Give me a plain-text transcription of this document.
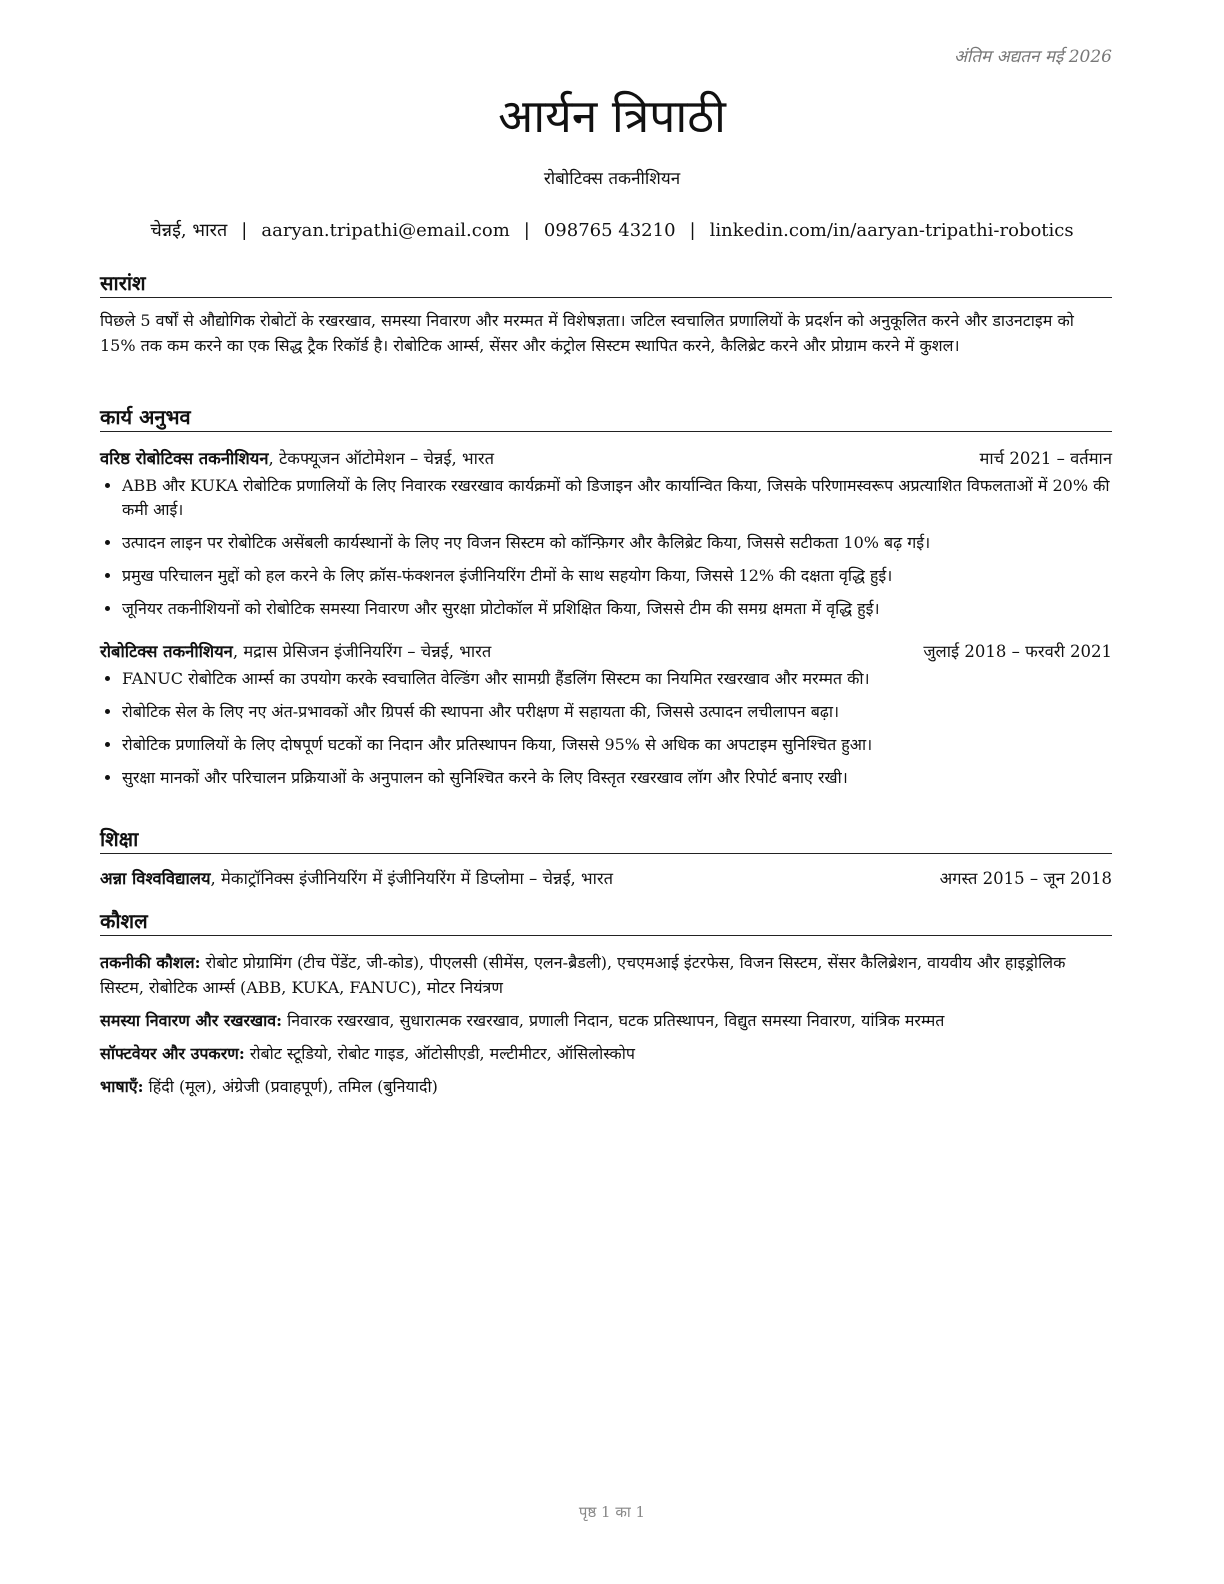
अंतिम अद्यतन मई 2026
आर्यन त्रिपाठी
रोबोटिक्स तकनीशियन
चेन्नई, भारत | aaryan.tripathi@email.com | 098765 43210 | linkedin.com/in/aaryan-tripathi-robotics
सारांश

पिछले 5 वर्षों से औद्योगिक रोबोटों के रखरखाव, समस्या निवारण और मरम्मत में विशेषज्ञता। जटिल स्वचालित प्रणालियों के प्रदर्शन को अनुकूलित करने और डाउनटाइम को 15% तक कम करने का एक सिद्ध ट्रैक रिकॉर्ड है। रोबोटिक आर्म्स, सेंसर और कंट्रोल सिस्टम स्थापित करने, कैलिब्रेट करने और प्रोग्राम करने में कुशल।

कार्य अनुभव
वरिष्ठ रोबोटिक्स तकनीशियन, टेकफ्यूजन ऑटोमेशन – चेन्नई, भारत	मार्च 2021 – वर्तमान
• ABB और KUKA रोबोटिक प्रणालियों के लिए निवारक रखरखाव कार्यक्रमों को डिजाइन और कार्यान्वित किया, जिसके परिणामस्वरूप अप्रत्याशित विफलताओं में 20% की कमी आई।
• उत्पादन लाइन पर रोबोटिक असेंबली कार्यस्थानों के लिए नए विजन सिस्टम को कॉन्फ़िगर और कैलिब्रेट किया, जिससे सटीकता 10% बढ़ गई।
• प्रमुख परिचालन मुद्दों को हल करने के लिए क्रॉस-फंक्शनल इंजीनियरिंग टीमों के साथ सहयोग किया, जिससे 12% की दक्षता वृद्धि हुई।
• जूनियर तकनीशियनों को रोबोटिक समस्या निवारण और सुरक्षा प्रोटोकॉल में प्रशिक्षित किया, जिससे टीम की समग्र क्षमता में वृद्धि हुई।
रोबोटिक्स तकनीशियन, मद्रास प्रेसिजन इंजीनियरिंग – चेन्नई, भारत	जुलाई 2018 – फरवरी 2021
• FANUC रोबोटिक आर्म्स का उपयोग करके स्वचालित वेल्डिंग और सामग्री हैंडलिंग सिस्टम का नियमित रखरखाव और मरम्मत की।
• रोबोटिक सेल के लिए नए अंत-प्रभावकों और ग्रिपर्स की स्थापना और परीक्षण में सहायता की, जिससे उत्पादन लचीलापन बढ़ा।
• रोबोटिक प्रणालियों के लिए दोषपूर्ण घटकों का निदान और प्रतिस्थापन किया, जिससे 95% से अधिक का अपटाइम सुनिश्चित हुआ।
• सुरक्षा मानकों और परिचालन प्रक्रियाओं के अनुपालन को सुनिश्चित करने के लिए विस्तृत रखरखाव लॉग और रिपोर्ट बनाए रखी।
शिक्षा
अन्ना विश्वविद्यालय, मेकाट्रॉनिक्स इंजीनियरिंग में इंजीनियरिंग में डिप्लोमा – चेन्नई, भारत	अगस्त 2015 – जून 2018
कौशल

तकनीकी कौशल: रोबोट प्रोग्रामिंग (टीच पेंडेंट, जी-कोड), पीएलसी (सीमेंस, एलन-ब्रैडली), एचएमआई इंटरफेस, विजन सिस्टम, सेंसर कैलिब्रेशन, वायवीय और हाइड्रोलिक सिस्टम, रोबोटिक आर्म्स (ABB, KUKA, FANUC), मोटर नियंत्रण

समस्या निवारण और रखरखाव: निवारक रखरखाव, सुधारात्मक रखरखाव, प्रणाली निदान, घटक प्रतिस्थापन, विद्युत समस्या निवारण, यांत्रिक मरम्मत

सॉफ्टवेयर और उपकरण: रोबोट स्टूडियो, रोबोट गाइड, ऑटोसीएडी, मल्टीमीटर, ऑसिलोस्कोप

भाषाएँ: हिंदी (मूल), अंग्रेजी (प्रवाहपूर्ण), तमिल (बुनियादी)

पृष्ठ 1 का 1
